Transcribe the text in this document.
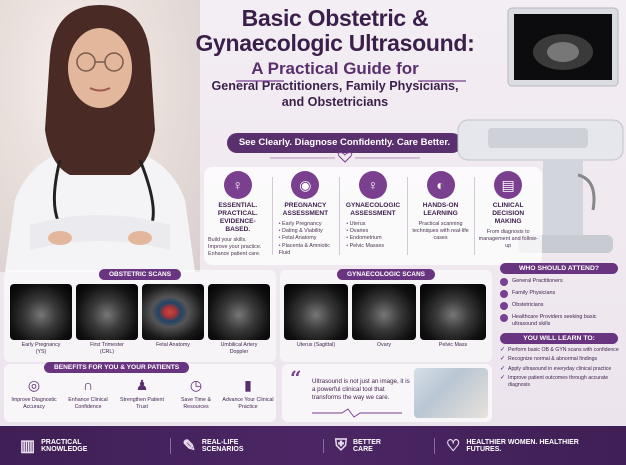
Basic Obstetric &
Gynaecologic Ultrasound:
A Practical Guide for
General Practitioners, Family Physicians,
and Obstetricians
See Clearly. Diagnose Confidently. Care Better.
♀
ESSENTIAL. PRACTICAL. EVIDENCE-BASED.
Build your skills. Improve your practice. Enhance patient care.
◉
PREGNANCY ASSESSMENT
• Early Pregnancy
• Dating & Viability
• Fetal Anatomy
• Placenta & Amniotic Fluid
♀
GYNAECOLOGIC ASSESSMENT
• Uterus
• Ovaries
• Endometrium
• Pelvic Masses
◐
HANDS-ON LEARNING
Practical scanning techniques with real-life cases
▤
CLINICAL DECISION MAKING
From diagnosis to management and follow-up
OBSTETRIC SCANS
Early Pregnancy
(YS)
First Trimester
(CRL)
Fetal Anatomy	Umbilical Artery
Doppler
GYNAECOLOGIC SCANS
Uterus (Sagittal)	Ovary	Pelvic Mass
WHO SHOULD ATTEND?
General Practitioners
Family Physicians
Obstetricians
Healthcare Providers seeking basic ultrasound skills
YOU WILL LEARN TO:
✓ Perform basic OB & GYN scans with confidence
✓ Recognize normal & abnormal findings
✓ Apply ultrasound in everyday clinical practice
✓ Improve patient outcomes through accurate diagnosis
BENEFITS FOR YOU & YOUR PATIENTS
◎
Improve Diagnostic Accuracy
∩
Enhance Clinical Confidence
♟
Strengthen Patient Trust
◷
Save Time & Resources
▮
Advance Your Clinical Practice
“ Ultrasound is not just an image, it is a powerful clinical tool that transforms the way we care.
▥ PRACTICAL KNOWLEDGE	✎ REAL-LIFE SCENARIOS	⛨ BETTER CARE	♡ HEALTHIER WOMEN. HEALTHIER FUTURES.
